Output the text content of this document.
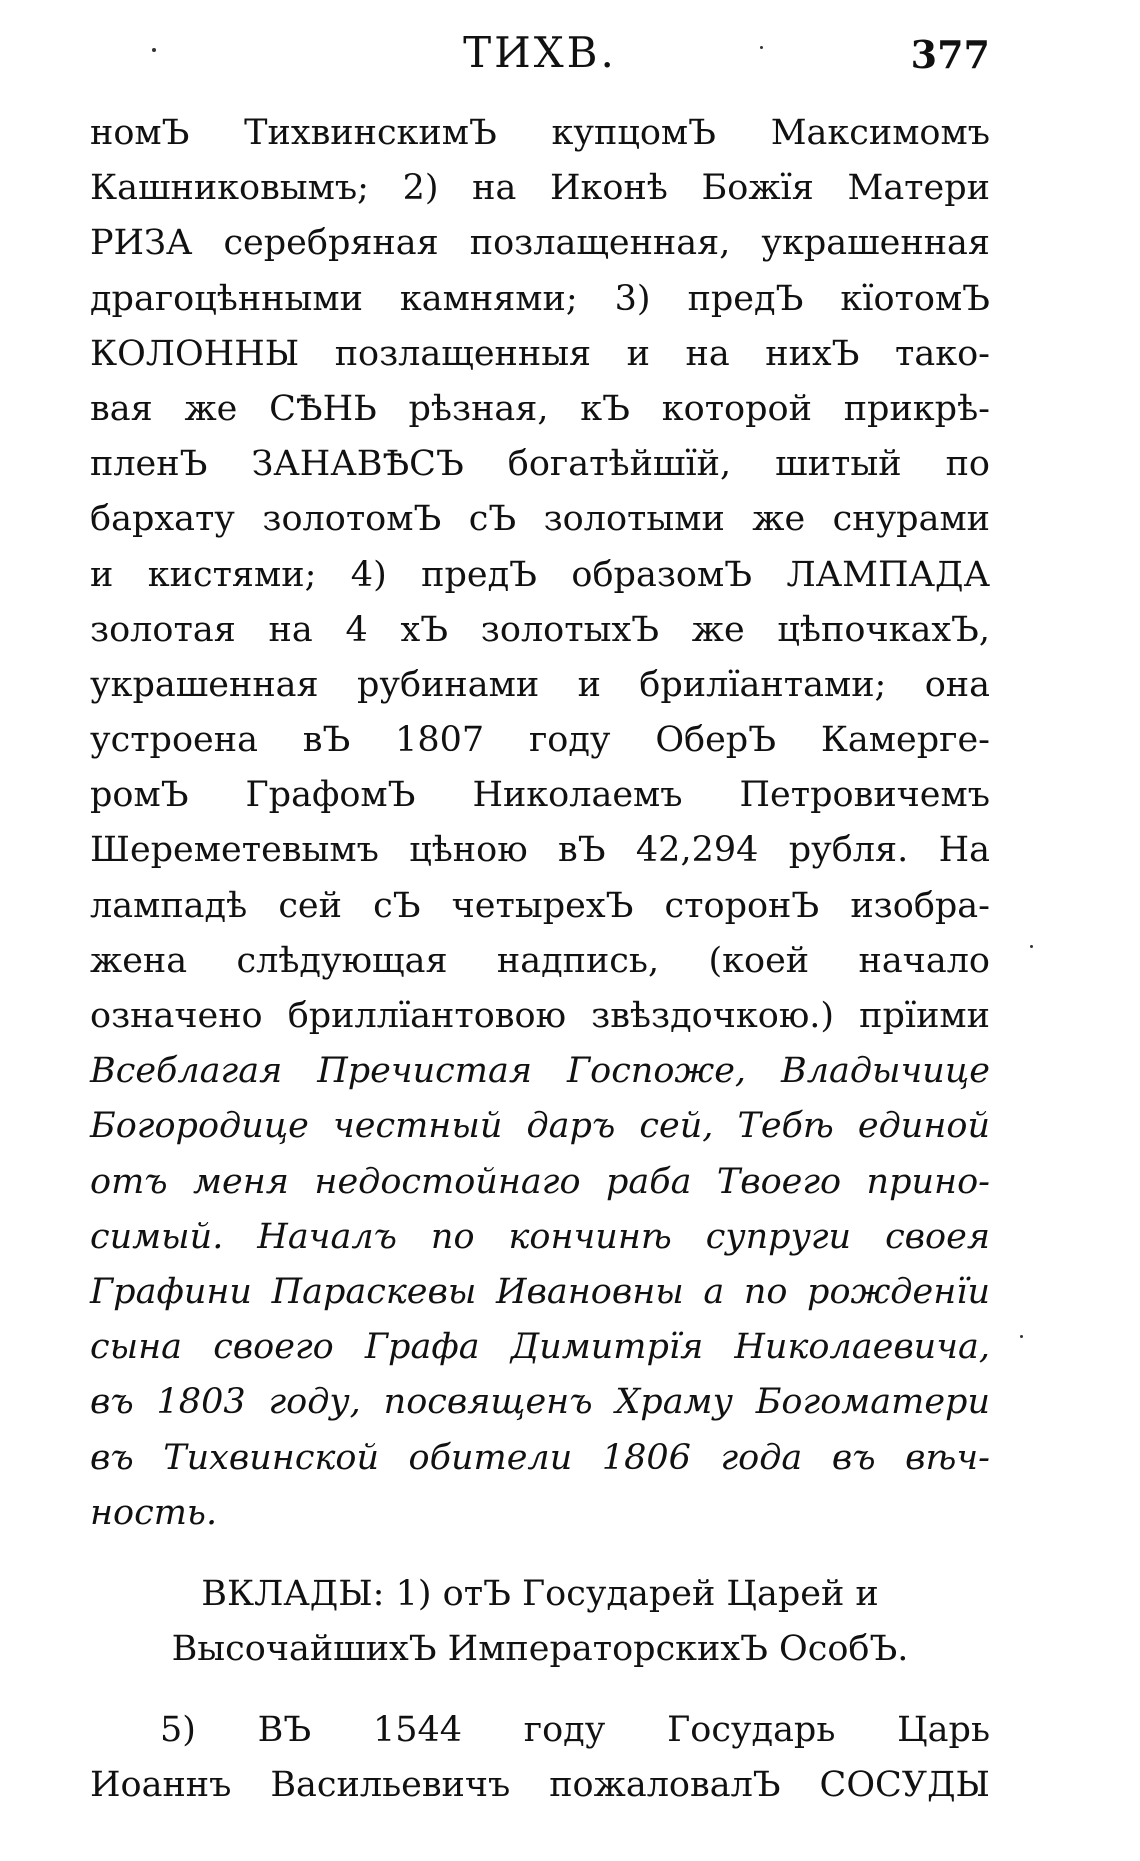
ТИХВ.	377
номЪ ТихвинскимЪ купцомЪ Максимомъ
Кашниковымъ; 2) на Иконѣ Божїя Матери
РИЗА серебряная позлащенная, украшенная
драгоцѣнными камнями; 3) предЪ кїотомЪ
КОЛОННЫ позлащенныя и на нихЪ тако-
вая же СѢНЬ рѣзная, кЪ которой прикрѣ-
пленЪ ЗАНАВѢСЪ богатѣйшїй, шитый по
бархату золотомЪ сЪ золотыми же снурами
и кистями; 4) предЪ образомЪ ЛАМПАДА
золотая на 4 хЪ золотыхЪ же цѣпочкахЪ,
украшенная рубинами и брилїантами; она
устроена вЪ 1807 году ОберЪ Камерге-
ромЪ ГрафомЪ Николаемъ Петровичемъ
Шереметевымъ цѣною вЪ 42,294 рубля. На
лампадѣ сей сЪ четырехЪ сторонЪ изобра-
жена слѣдующая надпись, (коей начало
означено бриллїантовою звѣздочкою.) прїими
Всеблагая Пречистая Госпоже, Владычице
Богородице честный даръ сей, Тебѣ единой
отъ меня недостойнаго раба Твоего прино-
симый. Началъ по кончинѣ супруги своея
Графини Параскевы Ивановны а по рожденїи
сына своего Графа Димитрїя Николаевича,
въ 1803 году, посвященъ Храму Богоматери
въ Тихвинской обители 1806 года въ вѣч-
ность.
ВКЛАДЫ: 1) отЪ Государей Царей и
ВысочайшихЪ ИмператорскихЪ ОсобЪ.
5) ВЪ 1544 году Государь Царь
Иоаннъ Васильевичъ пожаловалЪ СОСУДЫ
